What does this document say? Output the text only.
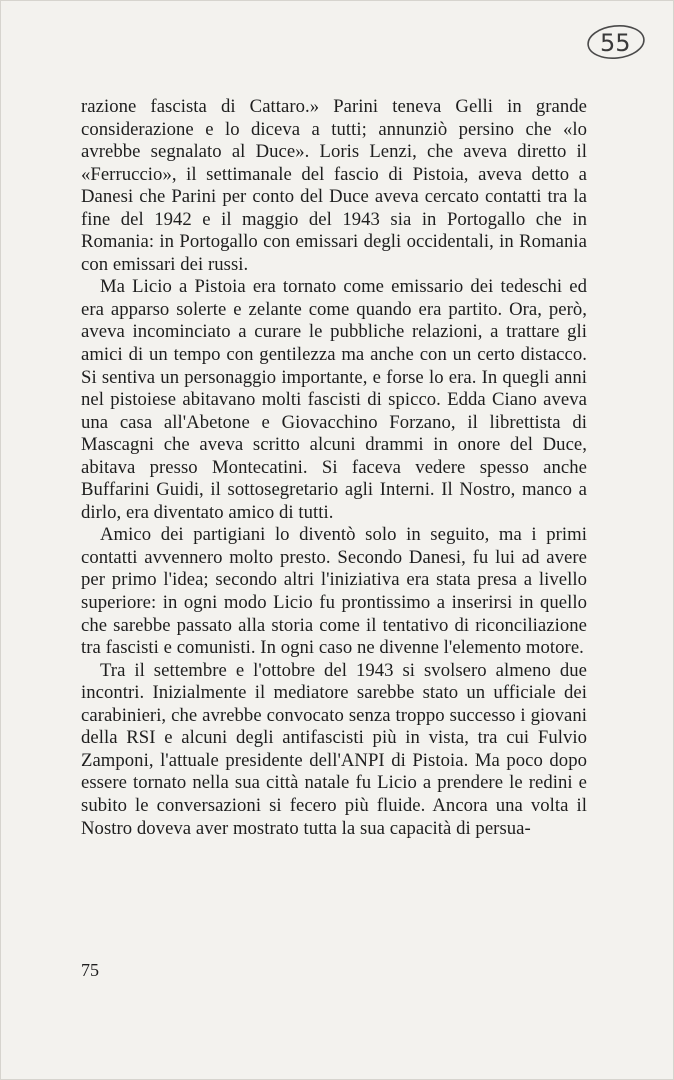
55

razione fascista di Cattaro.» Parini teneva Gelli in grande considerazione e lo diceva a tutti; annunziò persino che «lo avrebbe segnalato al Duce». Loris Lenzi, che aveva diretto il «Ferruccio», il settimanale del fascio di Pistoia, aveva detto a Danesi che Parini per conto del Duce aveva cercato contatti tra la fine del 1942 e il maggio del 1943 sia in Portogallo che in Romania: in Portogallo con emissari degli occidentali, in Romania con emissari dei russi.

Ma Licio a Pistoia era tornato come emissario dei tedeschi ed era apparso solerte e zelante come quando era partito. Ora, però, aveva incominciato a curare le pubbliche relazioni, a trattare gli amici di un tempo con gentilezza ma anche con un certo distacco. Si sentiva un personaggio importante, e forse lo era. In quegli anni nel pistoiese abitavano molti fascisti di spicco. Edda Ciano aveva una casa all'Abetone e Giovacchino Forzano, il librettista di Mascagni che aveva scritto alcuni drammi in onore del Duce, abitava presso Montecatini. Si faceva vedere spesso anche Buffarini Guidi, il sottosegretario agli Interni. Il Nostro, manco a dirlo, era diventato amico di tutti.

Amico dei partigiani lo diventò solo in seguito, ma i primi contatti avvennero molto presto. Secondo Danesi, fu lui ad avere per primo l'idea; secondo altri l'iniziativa era stata presa a livello superiore: in ogni modo Licio fu prontissimo a inserirsi in quello che sarebbe passato alla storia come il tentativo di riconciliazione tra fascisti e comunisti. In ogni caso ne divenne l'elemento motore.

Tra il settembre e l'ottobre del 1943 si svolsero almeno due incontri. Inizialmente il mediatore sarebbe stato un ufficiale dei carabinieri, che avrebbe convocato senza troppo successo i giovani della RSI e alcuni degli antifascisti più in vista, tra cui Fulvio Zamponi, l'attuale presidente dell'ANPI di Pistoia. Ma poco dopo essere tornato nella sua città natale fu Licio a prendere le redini e subito le conversazioni si fecero più fluide. Ancora una volta il Nostro doveva aver mostrato tutta la sua capacità di persua-

75
